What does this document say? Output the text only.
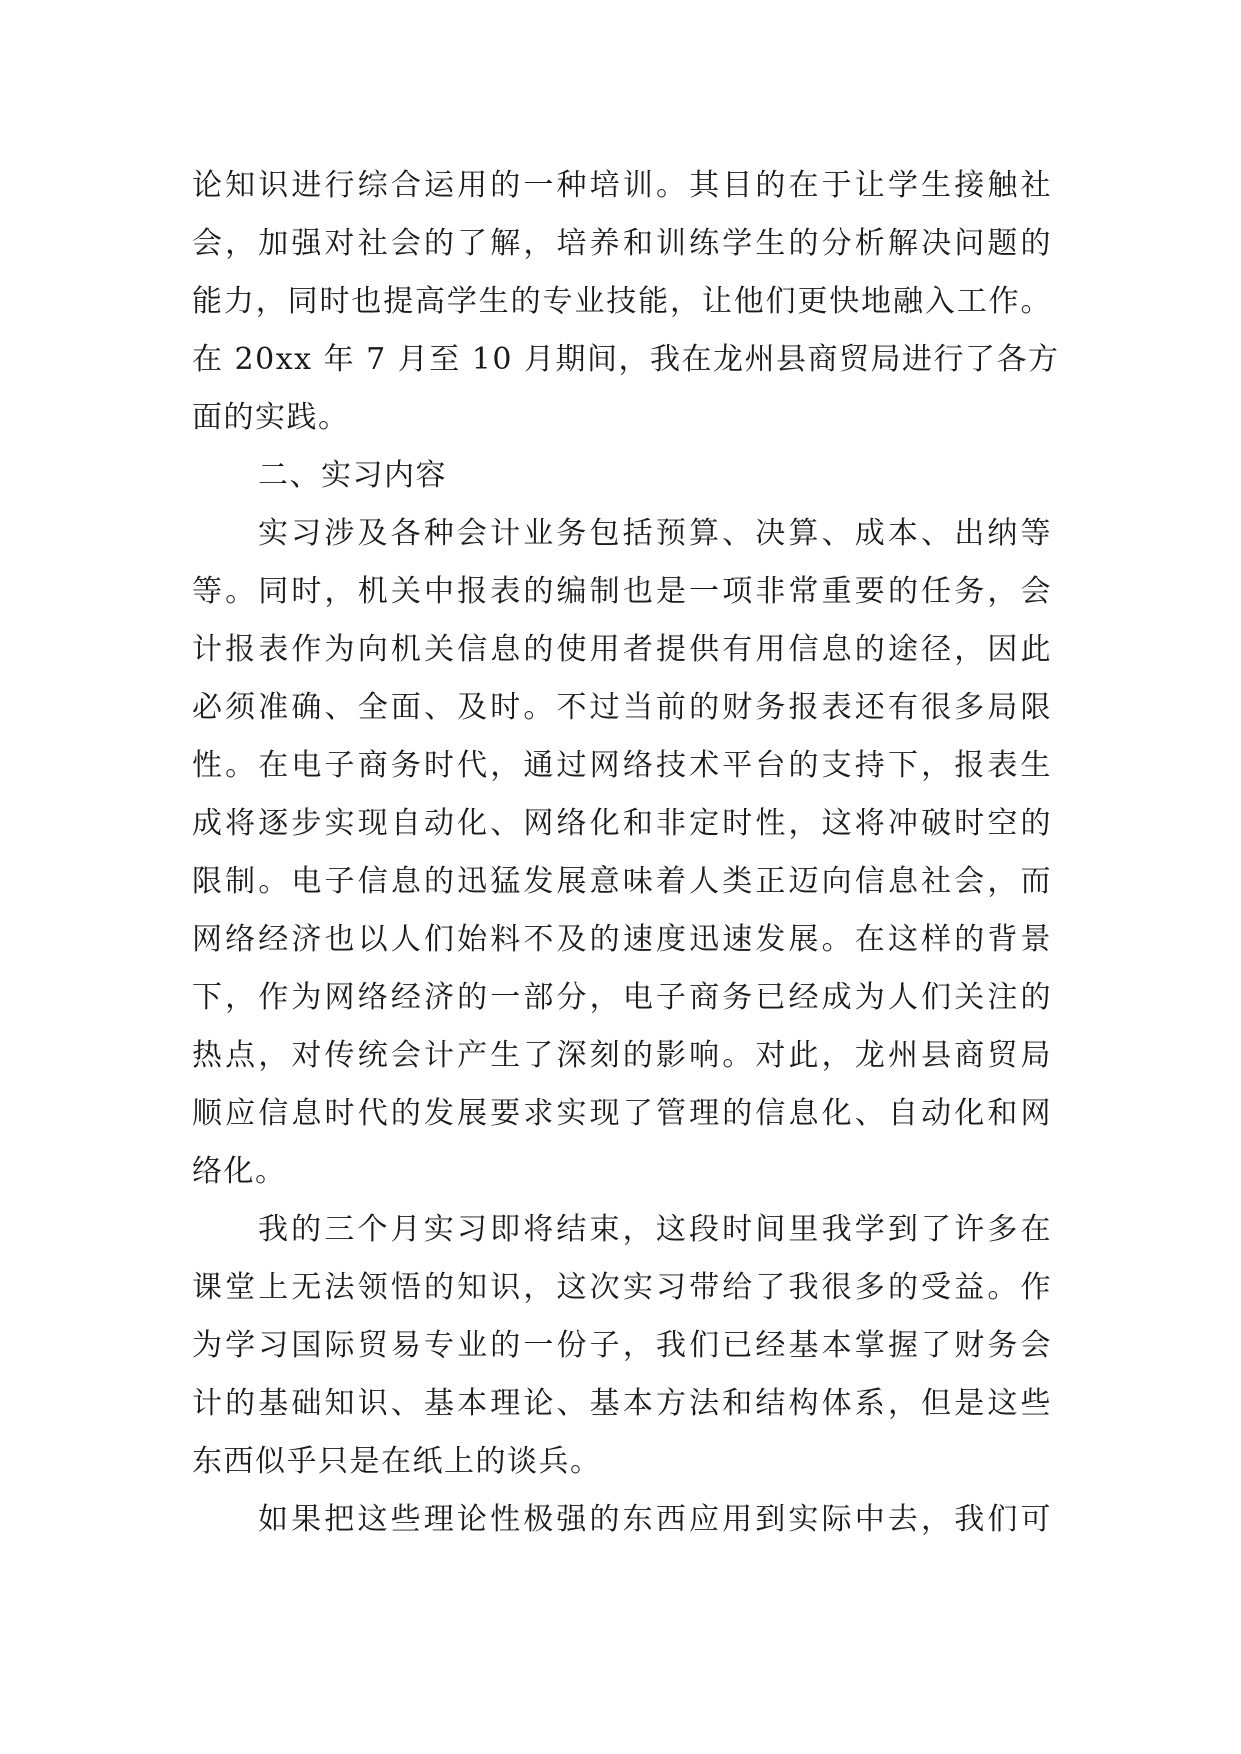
论知识进行综合运用的一种培训。其目的在于让学生接触社
会，加强对社会的了解，培养和训练学生的分析解决问题的
能力，同时也提高学生的专业技能，让他们更快地融入工作。
在 20xx 年 7 月至 10 月期间，我在龙州县商贸局进行了各方
面的实践。
二、实习内容
实习涉及各种会计业务包括预算、决算、成本、出纳等
等。同时，机关中报表的编制也是一项非常重要的任务，会
计报表作为向机关信息的使用者提供有用信息的途径，因此
必须准确、全面、及时。不过当前的财务报表还有很多局限
性。在电子商务时代，通过网络技术平台的支持下，报表生
成将逐步实现自动化、网络化和非定时性，这将冲破时空的
限制。电子信息的迅猛发展意味着人类正迈向信息社会，而
网络经济也以人们始料不及的速度迅速发展。在这样的背景
下，作为网络经济的一部分，电子商务已经成为人们关注的
热点，对传统会计产生了深刻的影响。对此，龙州县商贸局
顺应信息时代的发展要求实现了管理的信息化、自动化和网
络化。
我的三个月实习即将结束，这段时间里我学到了许多在
课堂上无法领悟的知识，这次实习带给了我很多的受益。作
为学习国际贸易专业的一份子，我们已经基本掌握了财务会
计的基础知识、基本理论、基本方法和结构体系，但是这些
东西似乎只是在纸上的谈兵。
如果把这些理论性极强的东西应用到实际中去，我们可
